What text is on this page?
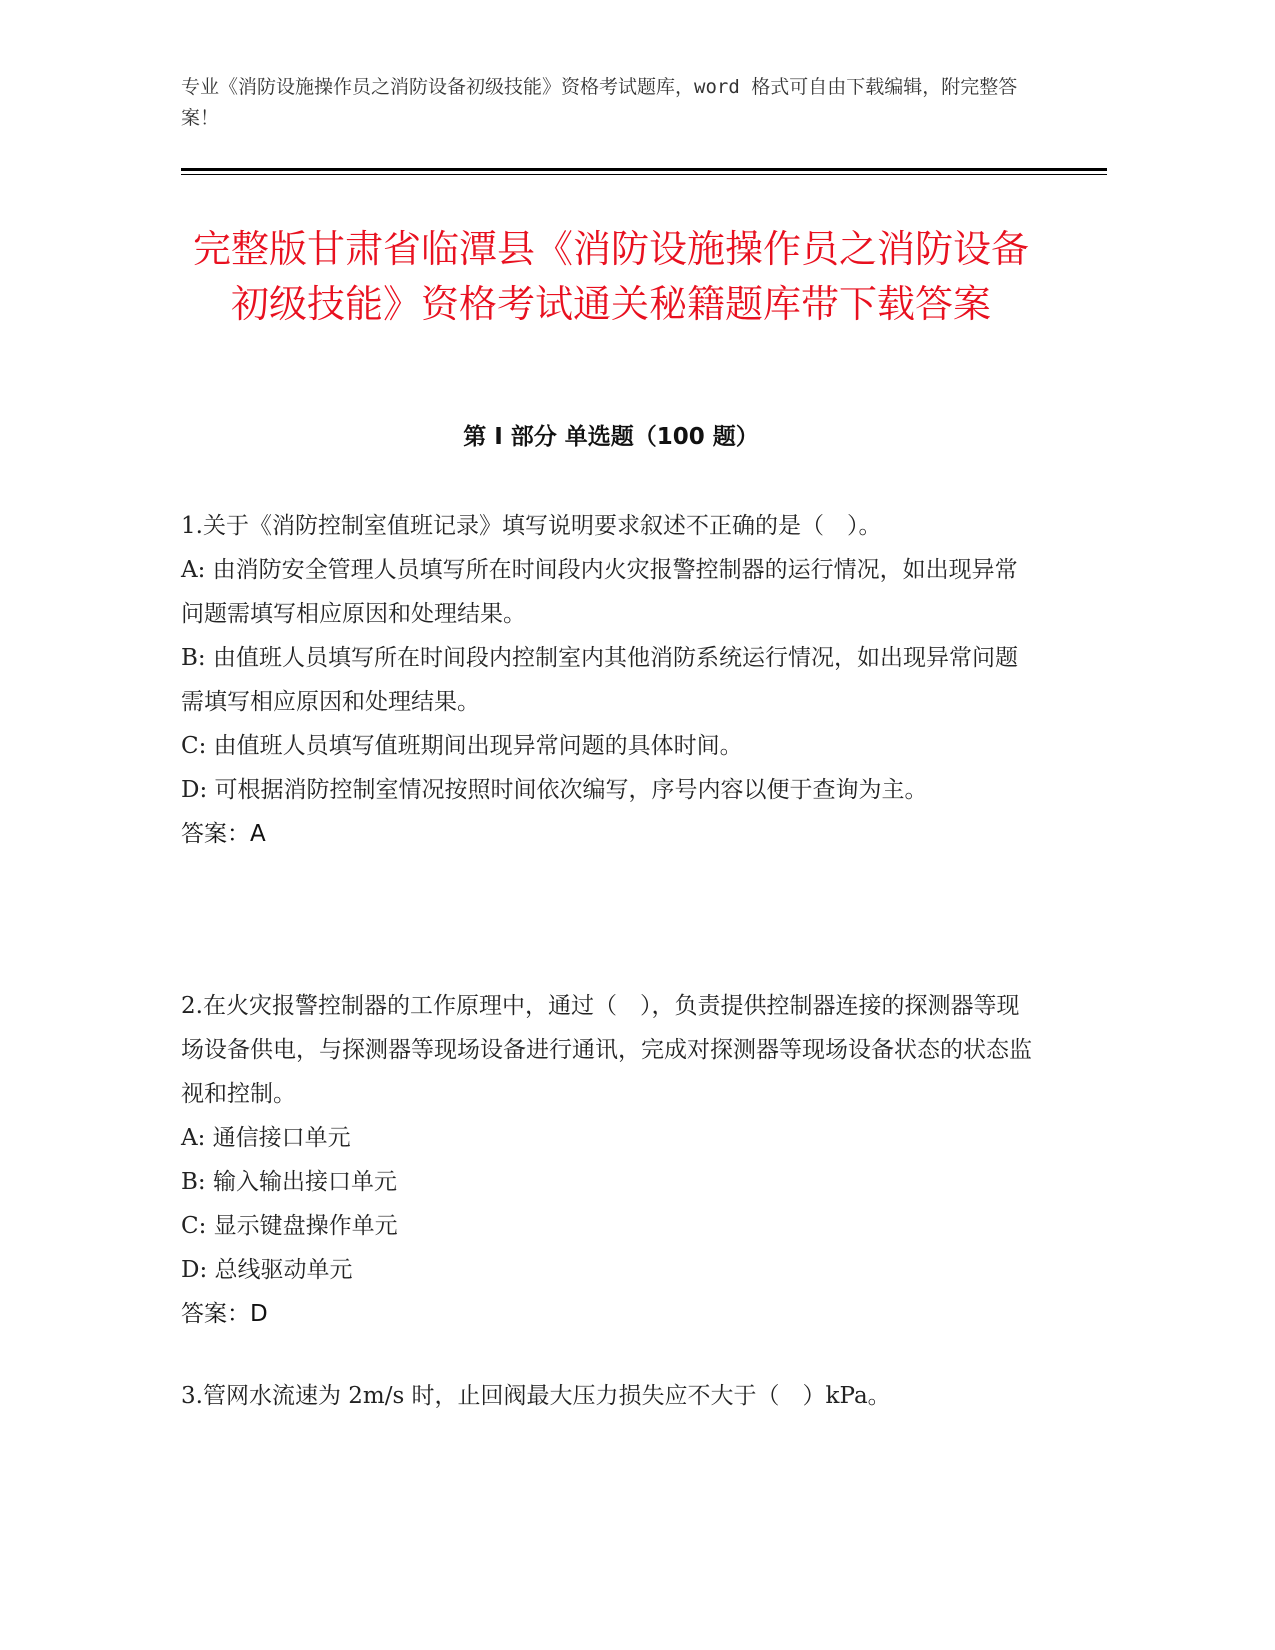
专业《消防设施操作员之消防设备初级技能》资格考试题库，word 格式可自由下载编辑，附完整答案！
完整版甘肃省临潭县《消防设施操作员之消防设备初级技能》资格考试通关秘籍题库带下载答案
第 I 部分 单选题（100 题）

1.关于《消防控制室值班记录》填写说明要求叙述不正确的是（　）。

A: 由消防安全管理人员填写所在时间段内火灾报警控制器的运行情况，如出现异常问题需填写相应原因和处理结果。

B: 由值班人员填写所在时间段内控制室内其他消防系统运行情况，如出现异常问题需填写相应原因和处理结果。

C: 由值班人员填写值班期间出现异常问题的具体时间。

D: 可根据消防控制室情况按照时间依次编写，序号内容以便于查询为主。

答案：A

2.在火灾报警控制器的工作原理中，通过（　），负责提供控制器连接的探测器等现场设备供电，与探测器等现场设备进行通讯，完成对探测器等现场设备状态的状态监视和控制。

A: 通信接口单元

B: 输入输出接口单元

C: 显示键盘操作单元

D: 总线驱动单元

答案：D

3.管网水流速为 2m/s 时，止回阀最大压力损失应不大于（　）kPa。
